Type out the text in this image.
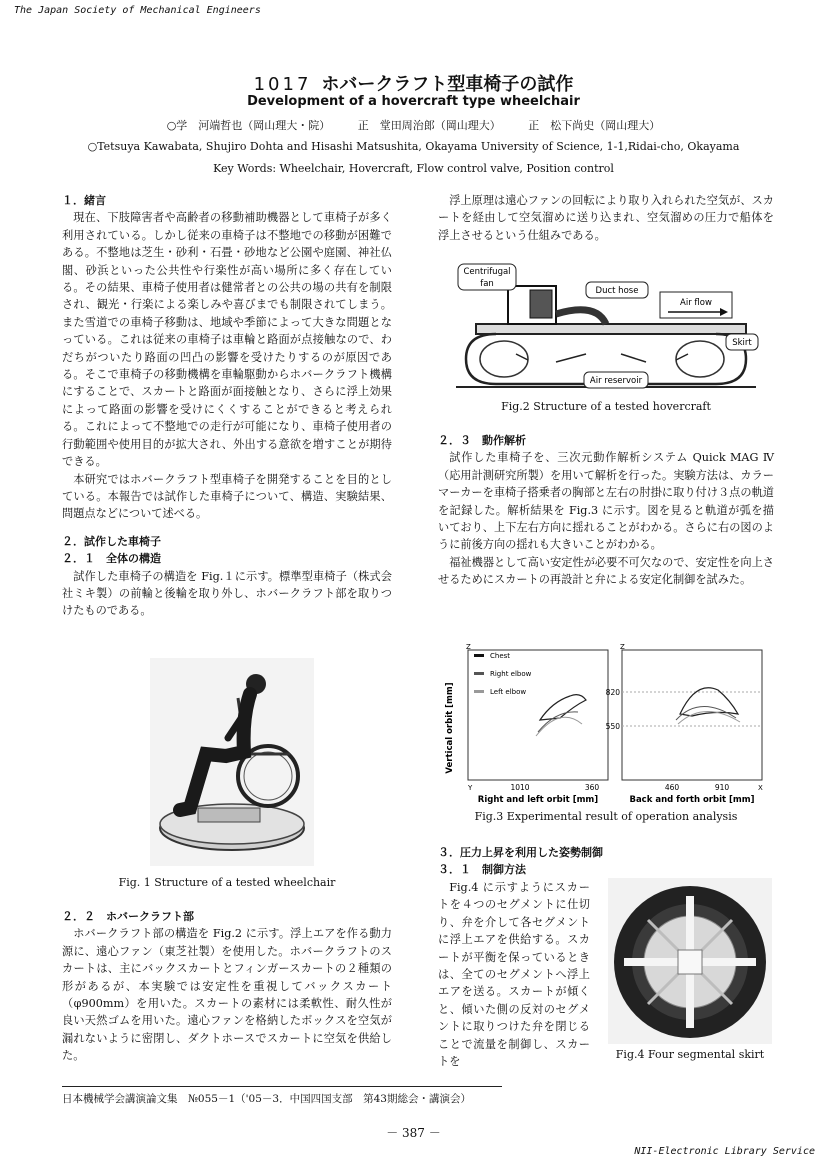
The Japan Society of Mechanical Engineers
1017 ホバークラフト型車椅子の試作
Development of a hovercraft type wheelchair
○学　河端哲也（岡山理大・院）	正　堂田周治郎（岡山理大）	正　松下尚史（岡山理大）
○Tetsuya Kawabata, Shujiro Dohta and Hisashi Matsushita, Okayama University of Science, 1-1,Ridai-cho, Okayama
Key Words: Wheelchair, Hovercraft, Flow control valve, Position control
１．緒言

現在、下肢障害者や高齢者の移動補助機器として車椅子が多く利用されている。しかし従来の車椅子は不整地での移動が困難である。不整地は芝生・砂利・石畳・砂地など公園や庭園、神社仏閣、砂浜といった公共性や行楽性が高い場所に多く存在している。その結果、車椅子使用者は健常者との公共の場の共有を制限され、観光・行楽による楽しみや喜びまでも制限されてしまう。また雪道での車椅子移動は、地域や季節によって大きな問題となっている。これは従来の車椅子は車輪と路面が点接触なので、わだちがついたり路面の凹凸の影響を受けたりするのが原因である。そこで車椅子の移動機構を車輪駆動からホバークラフト機構にすることで、スカートと路面が面接触となり、さらに浮上効果によって路面の影響を受けにくくすることができると考えられる。これによって不整地での走行が可能になり、車椅子使用者の行動範囲や使用目的が拡大され、外出する意欲を増すことが期待できる。

本研究ではホバークラフト型車椅子を開発することを目的としている。本報告では試作した車椅子について、構造、実験結果、問題点などについて述べる。

２．試作した車椅子
２．１　全体の構造

試作した車椅子の構造を Fig.１に示す。標準型車椅子（株式会社ミキ製）の前輪と後輪を取り外し、ホバークラフト部を取りつけたものである。

Fig. 1 Structure of a tested wheelchair
２．２　ホバークラフト部

ホバークラフト部の構造を Fig.2 に示す。浮上エアを作る動力源に、遠心ファン（東芝社製）を使用した。ホバークラフトのスカートは、主にバックスカートとフィンガースカートの２種類の形があるが、本実験では安定性を重視してバックスカート（φ900mm）を用いた。スカートの素材には柔軟性、耐久性が良い天然ゴムを用いた。遠心ファンを格納したボックスを空気が漏れないように密閉し、ダクトホースでスカートに空気を供給した。

浮上原理は遠心ファンの回転により取り入れられた空気が、スカートを経由して空気溜めに送り込まれ、空気溜めの圧力で船体を浮上させるという仕組みである。

Centrifugal
fan
Duct hose
Air flow
Skirt
Air reservoir
Fig.2 Structure of a tested hovercraft
２．３　動作解析

試作した車椅子を、三次元動作解析システム Quick MAG Ⅳ（応用計測研究所製）を用いて解析を行った。実験方法は、カラーマーカーを車椅子搭乗者の胸部と左右の肘掛に取り付け３点の軌道を記録した。解析結果を Fig.3 に示す。図を見ると軌道が弧を描いており、上下左右方向に揺れることがわかる。さらに右の図のように前後方向の揺れも大きいことがわかる。

福祉機器として高い安定性が必要不可欠なので、安定性を向上させるためにスカートの再設計と弁による安定化制御を試みた。

Vertical orbit [mm]
Z
Y	1010	360
Right and left orbit [mm]
Chest
Right elbow
Left elbow
Z
X
820
550
460	910
Back and forth orbit [mm]
Fig.3 Experimental result of operation analysis
３．圧力上昇を利用した姿勢制御
３．１　制御方法

Fig.4 に示すようにスカートを４つのセグメントに仕切り、弁を介して各セグメントに浮上エアを供給する。スカートが平衡を保っているときは、全てのセグメントへ浮上エアを送る。スカートが傾くと、傾いた側の反対のセグメントに取りつけた弁を閉じることで流量を制御し、スカートを

Fig.4 Four segmental skirt
日本機械学会講演論文集　№055－1（'05－3．中国四国支部　第43期総会・講演会）
－ 387 －
NII-Electronic Library Service
